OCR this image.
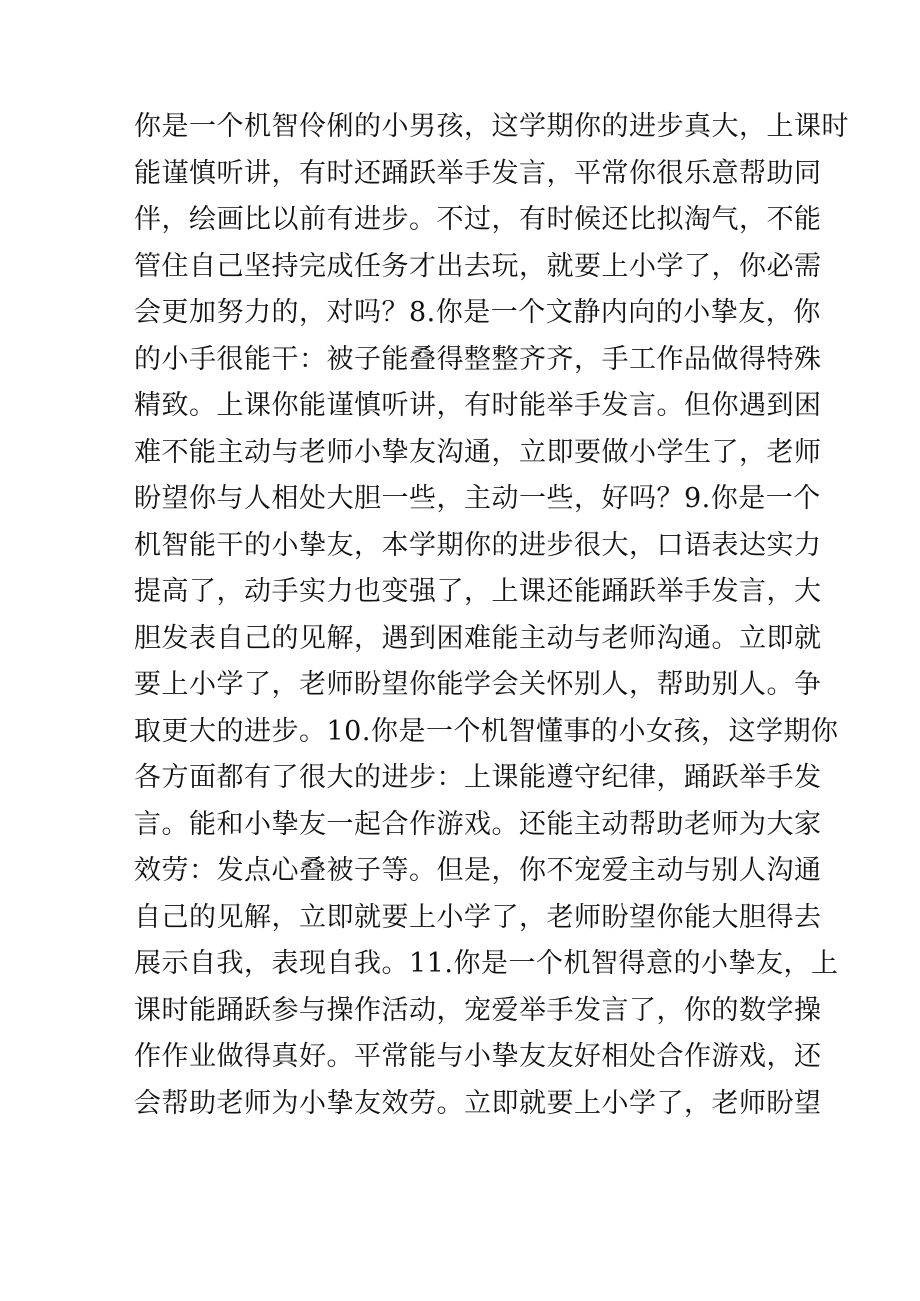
你是一个机智伶俐的小男孩，这学期你的进步真大，上课时
能谨慎听讲，有时还踊跃举手发言，平常你很乐意帮助同
伴，绘画比以前有进步。不过，有时候还比拟淘气，不能
管住自己坚持完成任务才出去玩，就要上小学了，你必需
会更加努力的，对吗？8.你是一个文静内向的小挚友，你
的小手很能干：被子能叠得整整齐齐，手工作品做得特殊
精致。上课你能谨慎听讲，有时能举手发言。但你遇到困
难不能主动与老师小挚友沟通，立即要做小学生了，老师
盼望你与人相处大胆一些，主动一些，好吗？9.你是一个
机智能干的小挚友，本学期你的进步很大，口语表达实力
提高了，动手实力也变强了，上课还能踊跃举手发言，大
胆发表自己的见解，遇到困难能主动与老师沟通。立即就
要上小学了，老师盼望你能学会关怀别人，帮助别人。争
取更大的进步。10.你是一个机智懂事的小女孩，这学期你
各方面都有了很大的进步：上课能遵守纪律，踊跃举手发
言。能和小挚友一起合作游戏。还能主动帮助老师为大家
效劳：发点心叠被子等。但是，你不宠爱主动与别人沟通
自己的见解，立即就要上小学了，老师盼望你能大胆得去
展示自我，表现自我。11.你是一个机智得意的小挚友，上
课时能踊跃参与操作活动，宠爱举手发言了，你的数学操
作作业做得真好。平常能与小挚友友好相处合作游戏，还
会帮助老师为小挚友效劳。立即就要上小学了，老师盼望
